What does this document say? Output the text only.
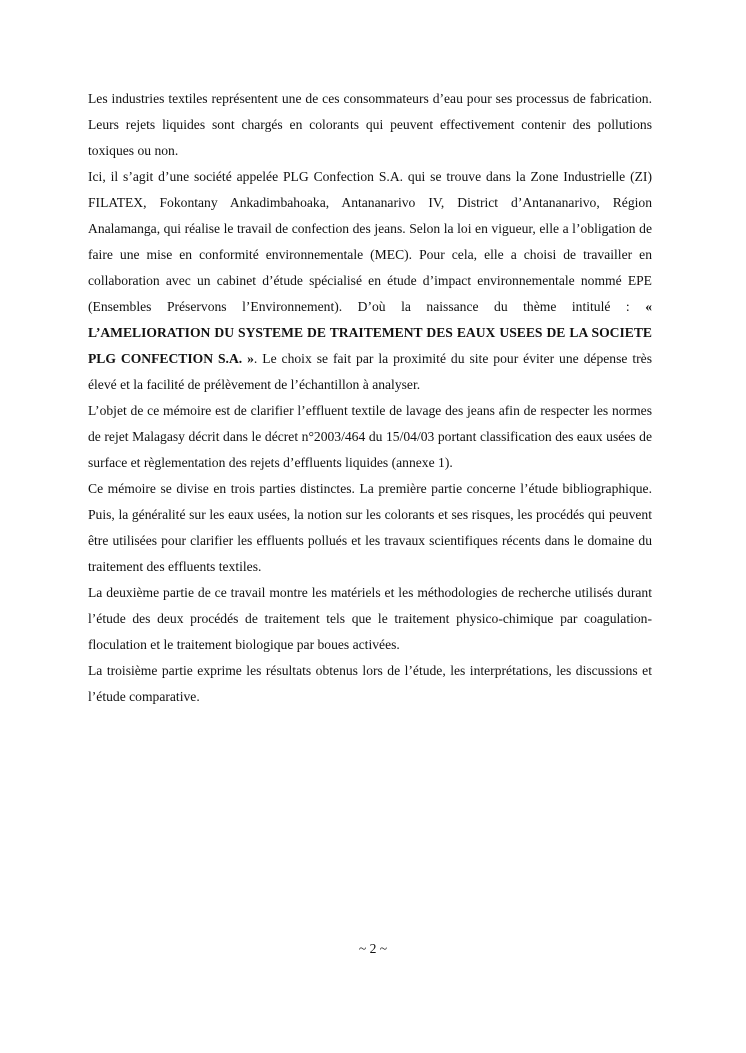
Les industries textiles représentent une de ces consommateurs d’eau pour ses processus de fabrication. Leurs rejets liquides sont chargés en colorants qui peuvent effectivement contenir des pollutions toxiques ou non.

Ici, il s’agit d’une société appelée PLG Confection S.A. qui se trouve dans la Zone Industrielle (ZI) FILATEX, Fokontany Ankadimbahoaka, Antananarivo IV, District d’Antananarivo, Région Analamanga, qui réalise le travail de confection des jeans. Selon la loi en vigueur, elle a l’obligation de faire une mise en conformité environnementale (MEC). Pour cela, elle a choisi de travailler en collaboration avec un cabinet d’étude spécialisé en étude d’impact environnementale nommé EPE (Ensembles Préservons l’Environnement). D’où la naissance du thème intitulé : « L’AMELIORATION DU SYSTEME DE TRAITEMENT DES EAUX USEES DE LA SOCIETE PLG CONFECTION S.A. ». Le choix se fait par la proximité du site pour éviter une dépense très élevé et la facilité de prélèvement de l’échantillon à analyser.

L’objet de ce mémoire est de clarifier l’effluent textile de lavage des jeans afin de respecter les normes de rejet Malagasy décrit dans le décret n°2003/464 du 15/04/03 portant classification des eaux usées de surface et règlementation des rejets d’effluents liquides (annexe 1).

Ce mémoire se divise en trois parties distinctes. La première partie concerne l’étude bibliographique. Puis, la généralité sur les eaux usées, la notion sur les colorants et ses risques, les procédés qui peuvent être utilisées pour clarifier les effluents pollués et les travaux scientifiques récents dans le domaine du traitement des effluents textiles.

La deuxième partie de ce travail montre les matériels et les méthodologies de recherche utilisés durant l’étude des deux procédés de traitement tels que le traitement physico-chimique par coagulation-floculation et le traitement biologique par boues activées.

La troisième partie exprime les résultats obtenus lors de l’étude, les interprétations, les discussions et l’étude comparative.

~ 2 ~
